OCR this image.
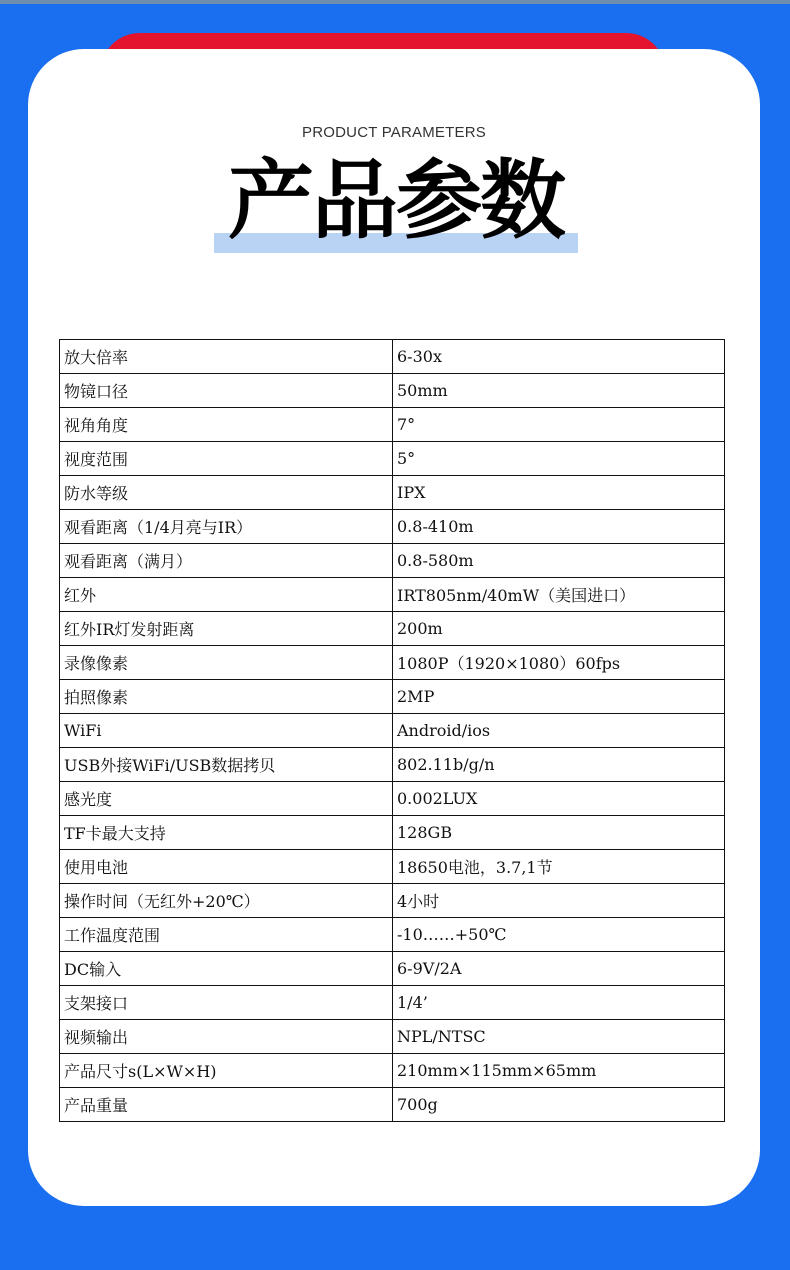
PRODUCT PARAMETERS
产品参数
放大倍率	6-30x
物镜口径	50mm
视角角度	7°
视度范围	5°
防水等级	IPX
观看距离（1/4月亮与IR）	0.8-410m
观看距离（满月）	0.8-580m
红外	IRT805nm/40mW（美国进口）
红外IR灯发射距离	200m
录像像素	1080P（1920×1080）60fps
拍照像素	2MP
WiFi	Android/ios
USB外接WiFi/USB数据拷贝	802.11b/g/n
感光度	0.002LUX
TF卡最大支持	128GB
使用电池	18650电池，3.7,1节
操作时间（无红外+20℃）	4小时
工作温度范围	-10……+50℃
DC输入	6-9V/2A
支架接口	1/4’
视频输出	NPL/NTSC
产品尺寸s(L×W×H)	210mm×115mm×65mm
产品重量	700g
